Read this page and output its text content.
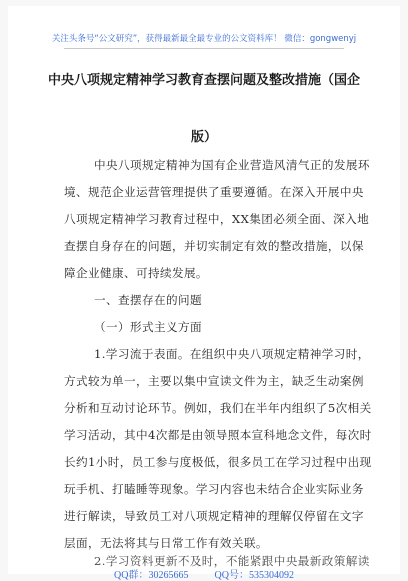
关注头条号“公文研究”，获得最新最全最专业的公文资料库！ 微信：gongwenyj
中央八项规定精神学习教育查摆问题及整改措施（国企
版）
中央八项规定精神为国有企业营造风清气正的发展环
境、规范企业运营管理提供了重要遵循。在深入开展中央
八项规定精神学习教育过程中，XX集团必须全面、深入地
查摆自身存在的问题，并切实制定有效的整改措施，以保
障企业健康、可持续发展。
一、查摆存在的问题
（一）形式主义方面
1.学习流于表面。在组织中央八项规定精神学习时，
方式较为单一，主要以集中宣读文件为主，缺乏生动案例
分析和互动讨论环节。例如，我们在半年内组织了5次相关
学习活动，其中4次都是由领导照本宣科地念文件，每次时
长约1小时，员工参与度极低，很多员工在学习过程中出现
玩手机、打瞌睡等现象。学习内容也未结合企业实际业务
进行解读，导致员工对八项规定精神的理解仅停留在文字
层面，无法将其与日常工作有效关联。
2.学习资料更新不及时，不能紧跟中央最新政策解读
QQ群：30265665	QQ号：535304092
